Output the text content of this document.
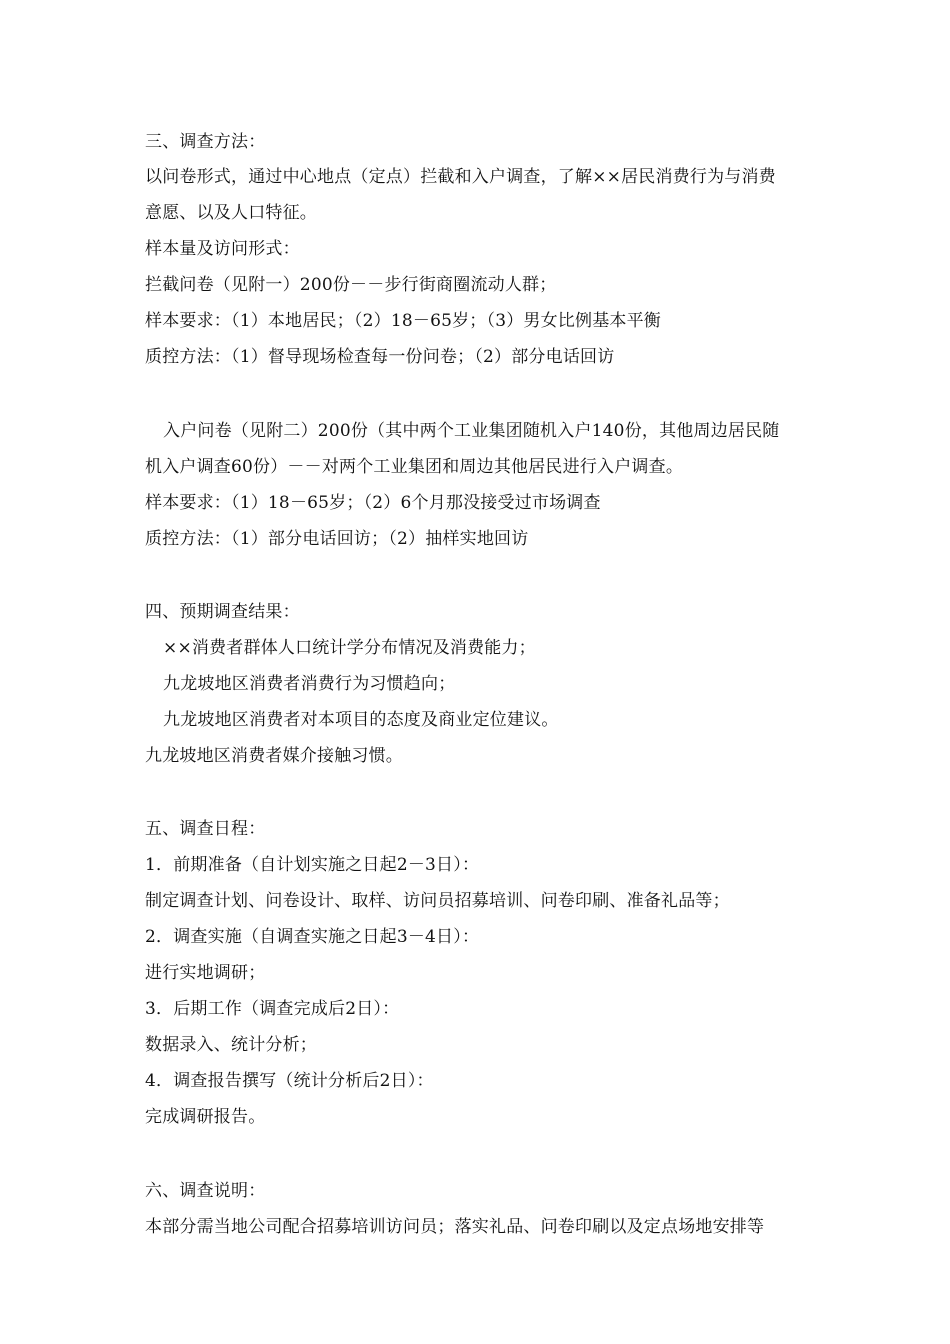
三、调查方法：
以问卷形式，通过中心地点（定点）拦截和入户调查，了解××居民消费行为与消费
意愿、以及人口特征。
样本量及访问形式：
拦截问卷（见附一）200份－－步行街商圈流动人群；
样本要求：（1）本地居民；（2）18－65岁；（3）男女比例基本平衡
质控方法：（1）督导现场检查每一份问卷；（2）部分电话回访
入户问卷（见附二）200份（其中两个工业集团随机入户140份，其他周边居民随
机入户调查60份）－－对两个工业集团和周边其他居民进行入户调查。
样本要求：（1）18－65岁；（2）6个月那没接受过市场调查
质控方法：（1）部分电话回访；（2）抽样实地回访
四、预期调查结果：
××消费者群体人口统计学分布情况及消费能力；
九龙坡地区消费者消费行为习惯趋向；
九龙坡地区消费者对本项目的态度及商业定位建议。
九龙坡地区消费者媒介接触习惯。
五、调查日程：
1．前期准备（自计划实施之日起2－3日）：
制定调查计划、问卷设计、取样、访问员招募培训、问卷印刷、准备礼品等；
2．调查实施（自调查实施之日起3－4日）：
进行实地调研；
3．后期工作（调查完成后2日）：
数据录入、统计分析；
4．调查报告撰写（统计分析后2日）：
完成调研报告。
六、调查说明：
本部分需当地公司配合招募培训访问员；落实礼品、问卷印刷以及定点场地安排等
